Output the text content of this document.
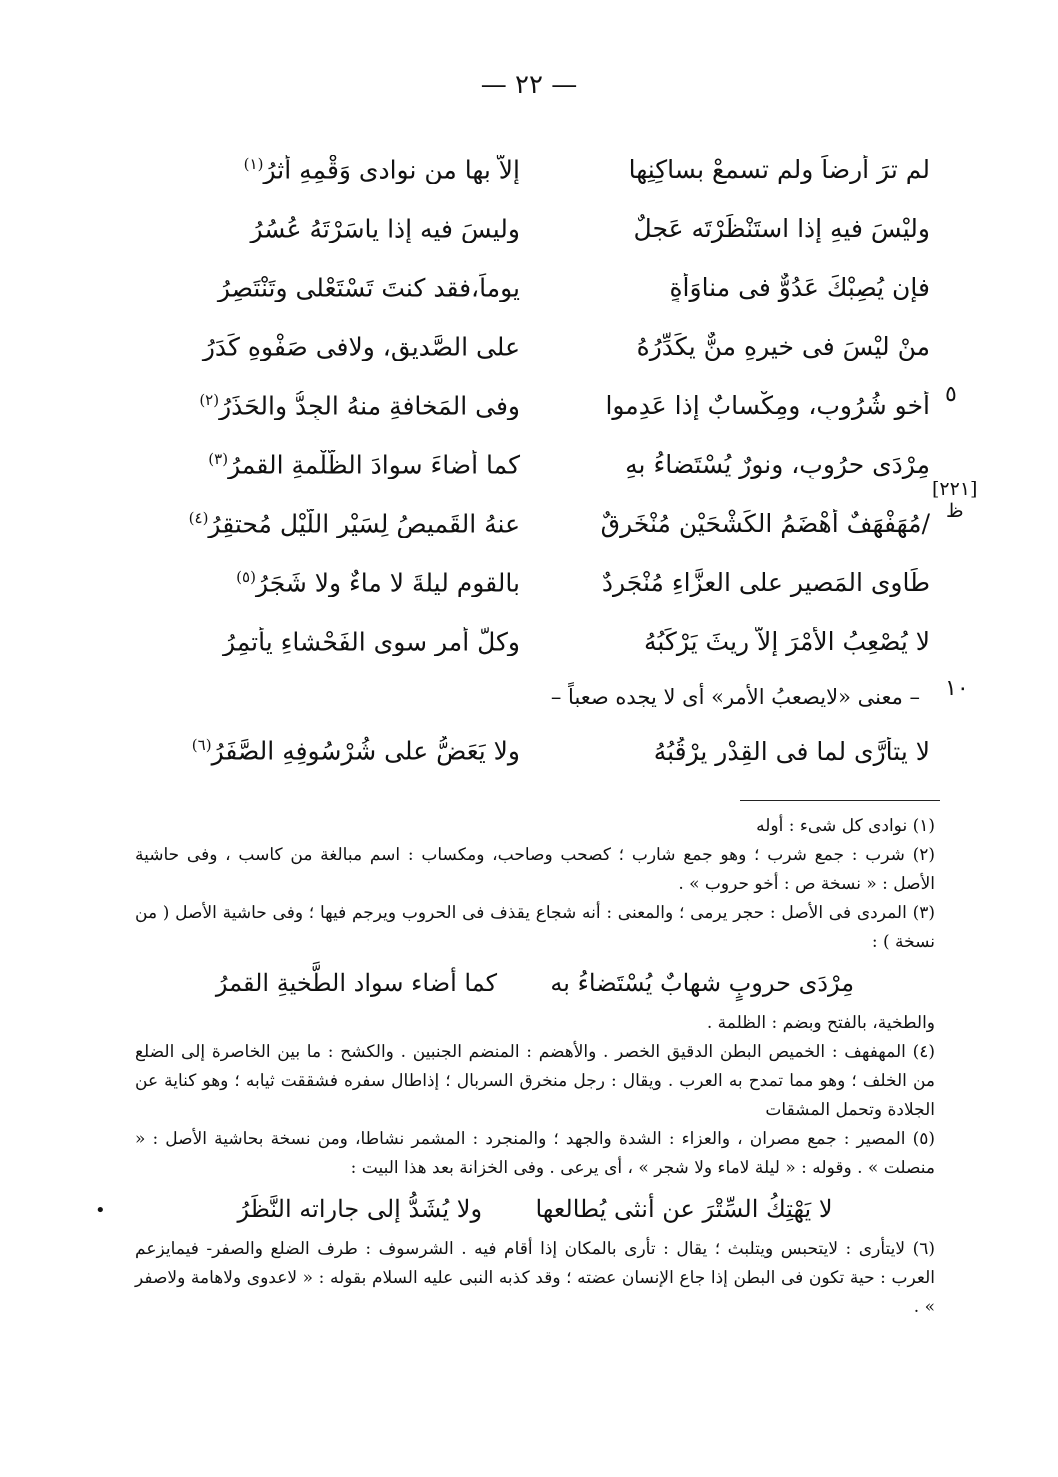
— ٢٢ —
[٢٢١]
ظ
٥
١٠
لم ترَ أرضاً ولم تسمعْ بساكِنِها
إلاَّ بها من نوادى وَقْمِهِ أثرُ$^{(١)}$
وليْسَ فيهِ إذا استَنْظَرْتَه عَجلٌ
وليسَ فيه إذا ياسَرْتَهُ عُسُرُ
فإن يُصِبْكَ عَدُوٌّ فى مناوَأةٍ
يوماً،فقد كنتَ تَسْتَعْلى وتَنْتَصِرُ
منْ ليْسَ فى خيرِهِ منٌّ يكَدِّرُهُ
على الصَّديقِ، ولافى صَفْوِهِ كَدَرُ
أخو شُرُوبٍ، ومِكْسابٌ إذا عَدِموا
وفى المَخافةِ منهُ الجِدُّ والحَذَرُ$^{(٢)}$
مِرْدَى حرُوبٍ، ونورٌ يُسْتَضاءُ بهِ
كما أضاءَ سوادَ الظُّلْمةِ القمرُ$^{(٣)}$
/مُهَفْهَفٌ أهْضَمُ الكَشْحَيْنِ مُنْخَرِقٌ
عنهُ القَميصُ لِسَيْرِ اللَّيْلِ مُحتقِرُ$^{(٤)}$
طَاوِى المَصيرِ على العزَّاءِ مُنْجَرِدٌ
بالقومِ ليلةَ لا ماءٌ ولا شَجَرُ$^{(٥)}$
لا يُصْعِبُ الأمْرَ إلاَّ ريثَ يَرْكَبُهُ
وكلَّ أمرٍ سوى الفَحْشاءِ يأتمِرُ
– معنى «لايصعبُ الأمر» أى لا يجده صعباً –
لا يتأرَّى لما فى القِدْرِ يرْقُبُهُ
ولا يَعَضُّ على شُرْسُوفِهِ الصَّفَرُ$^{(٦)}$

(١) نوادى كل شىء : أوله

(٢) شرب : جمع شرب ؛ وهو جمع شارب ؛ كصحب وصاحب، ومكساب : اسم مبالغة من كاسب ، وفى حاشية الأصل : « نسخة ص : أخو حروب » .

(٣) المردى فى الأصل : حجر يرمى ؛ والمعنى : أنه شجاع يقذف فى الحروب ويرجم فيها ؛ وفى حاشية الأصل ( من نسخة ) :

مِرْدَى حروبٍ شهابٌ يُسْتَضاءُ به       كما أضاء سواد الطَّخيةِ القمرُ

والطخية، بالفتح وبضم : الظلمة .

(٤) المهفهف : الخميص البطن الدقيق الخصر . والأهضم : المنضم الجنبين . والكشح : ما بين الخاصرة إلى الضلع من الخلف ؛ وهو مما تمدح به العرب . ويقال : رجل منخرق السربال ؛ إذاطال سفره فشققت ثيابه ؛ وهو كناية عن الجلادة وتحمل المشقات

(٥) المصير : جمع مصران ، والعزاء : الشدة والجهد ؛ والمنجرد : المشمر نشاطا، ومن نسخة بحاشية الأصل : « منصلت » . وقوله : « ليلة لاماء ولا شجر » ، أى يرعى . وفى الخزانة بعد هذا البيت :

لا يَهْتِكُ السِّتْرَ عن أنثى يُطالعها       ولا يُشَدُّ إلى جاراته النَّظَرُ

(٦) لايتأرى : لايتحبس ويتلبث ؛ يقال : تأرى بالمكان إذا أقام فيه . الشرسوف : طرف الضلع والصفر- فيمايزعم العرب : حية تكون فى البطن إذا جاع الإنسان عضته ؛ وقد كذبه النبى عليه السلام بقوله : « لاعدوى ولاهامة ولاصفر » .

•
